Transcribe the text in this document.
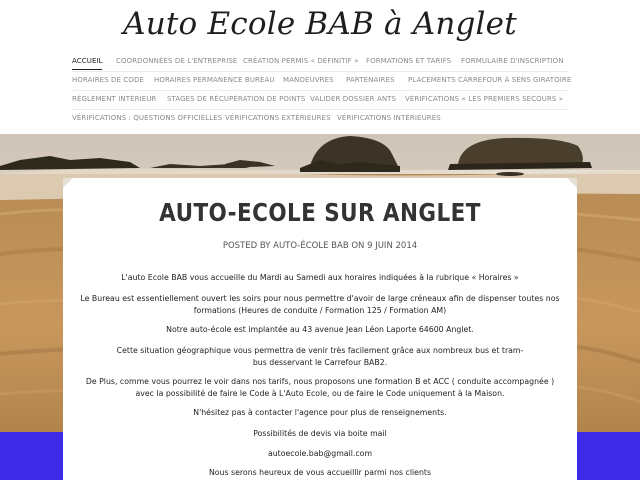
Auto Ecole BAB à Anglet
ACCUEIL COORDONNÉES DE L'ENTREPRISE CRÉATION PERMIS « DÉFINITIF » FORMATIONS ET TARIFS FORMULAIRE D'INSCRIPTION
HORAIRES DE CODE HORAIRES PERMANENCE BUREAU MANOEUVRES PARTENAIRES PLACEMENTS CARREFOUR À SENS GIRATOIRE
RÈGLEMENT INTÉRIEUR STAGES DE RÉCUPÉRATION DE POINTS VALIDER DOSSIER ANTS VÉRIFICATIONS « LES PREMIERS SECOURS »
VÉRIFICATIONS : QUESTIONS OFFICIELLES VÉRIFICATIONS EXTÉRIEURES VÉRIFICATIONS INTÉRIEURES
AUTO-ECOLE SUR ANGLET
POSTED BY AUTO-ÉCOLE BAB ON 9 JUIN 2014
L'auto Ecole BAB vous accueille du Mardi au Samedi aux horaires indiquées à la rubrique « Horaires »
Le Bureau est essentiellement ouvert les soirs pour nous permettre d'avoir de large créneaux afin de dispenser toutes nos formations (Heures de conduite / Formation 125 / Formation AM)
Notre auto-école est implantée au 43 avenue Jean Léon Laporte 64600 Anglet.
Cette situation géographique vous permettra de venir très facilement grâce aux nombreux bus et tram-bus desservant le Carrefour BAB2.
De Plus, comme vous pourrez le voir dans nos tarifs, nous proposons une formation B et ACC ( conduite accompagnée ) avec la possibilité de faire le Code à L'Auto Ecole, ou de faire le Code uniquement à la Maison.
N'hésitez pas à contacter l'agence pour plus de renseignements.
Possibilités de devis via boite mail
autoecole.bab@gmail.com
Nous serons heureux de vous accueillir parmi nos clients
